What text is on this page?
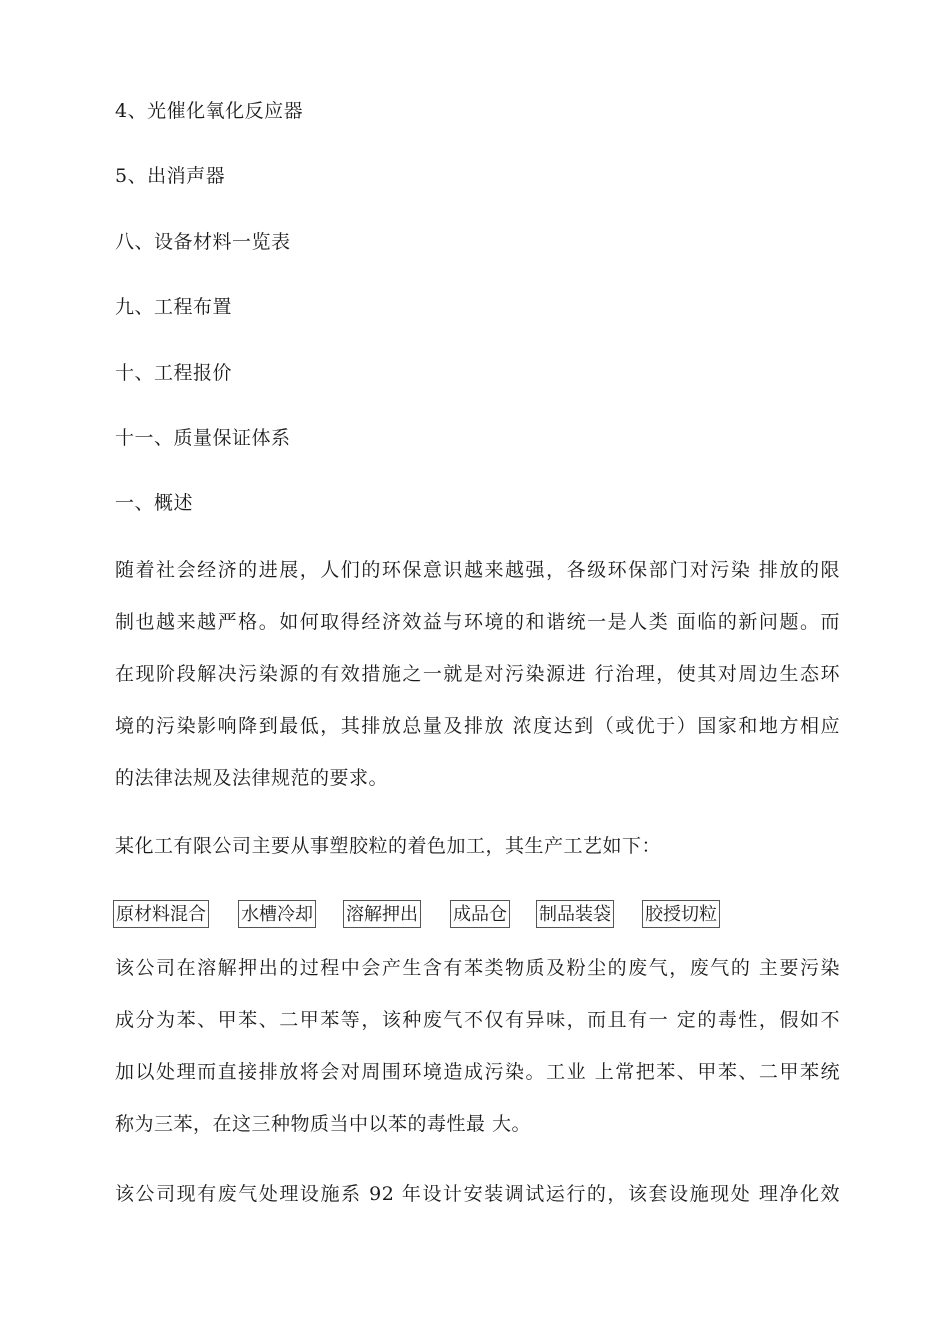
4、光催化氧化反应器
5、出消声器
八、设备材料一览表
九、工程布置
十、工程报价
十一、质量保证体系
一、概述
随着社会经济的进展，人们的环保意识越来越强，各级环保部门对污染 排放的限
制也越来越严格。如何取得经济效益与环境的和谐统一是人类 面临的新问题。而
在现阶段解决污染源的有效措施之一就是对污染源进 行治理，使其对周边生态环
境的污染影响降到最低，其排放总量及排放 浓度达到（或优于）国家和地方相应
的法律法规及法律规范的要求。
某化工有限公司主要从事塑胶粒的着色加工，其生产工艺如下：
原材料混合 水槽冷却 溶解押出 成品仓 制品装袋 胶授切粒
该公司在溶解押出的过程中会产生含有苯类物质及粉尘的废气，废气的 主要污染
成分为苯、甲苯、二甲苯等，该种废气不仅有异味，而且有一 定的毒性，假如不
加以处理而直接排放将会对周围环境造成污染。工业 上常把苯、甲苯、二甲苯统
称为三苯，在这三种物质当中以苯的毒性最 大。
该公司现有废气处理设施系 92 年设计安装调试运行的，该套设施现处 理净化效
